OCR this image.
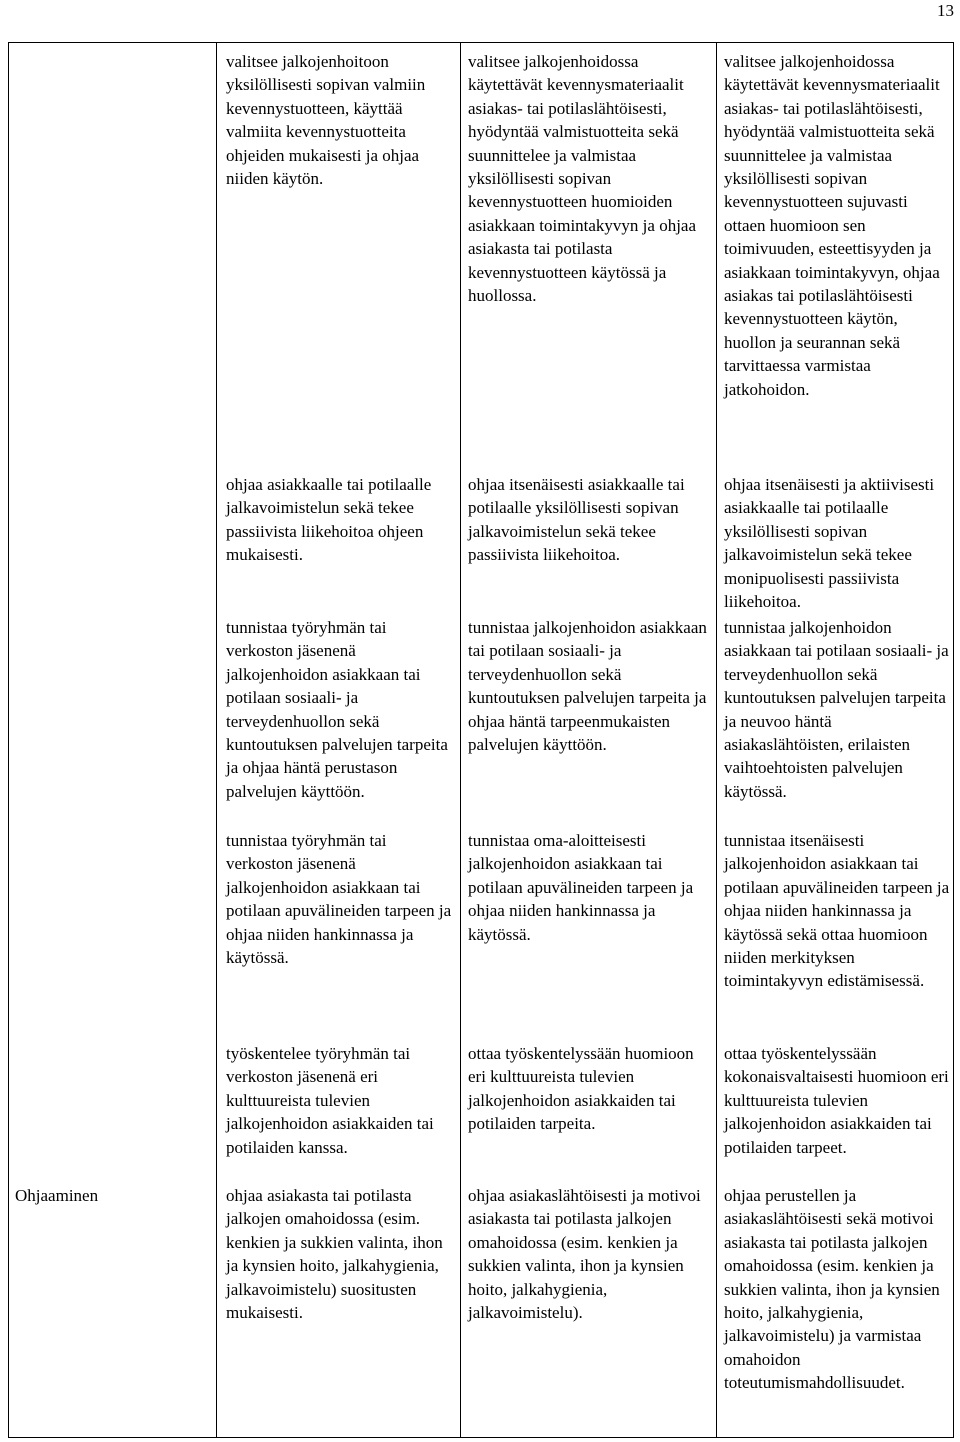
13
Ohjaaminen
valitsee jalkojenhoitoon yksilöllisesti sopivan valmiin kevennystuotteen, käyttää valmiita kevennystuotteita ohjeiden mukaisesti ja ohjaa niiden käytön.
ohjaa asiakkaalle tai potilaalle jalkavoimistelun sekä tekee passiivista liikehoitoa ohjeen mukaisesti.
tunnistaa työryhmän tai verkoston jäsenenä jalkojenhoidon asiakkaan tai potilaan sosiaali- ja terveydenhuollon sekä kuntoutuksen palvelujen tarpeita ja ohjaa häntä perustason palvelujen käyttöön.
tunnistaa työryhmän tai verkoston jäsenenä jalkojenhoidon asiakkaan tai potilaan apuvälineiden tarpeen ja ohjaa niiden hankinnassa ja käytössä.
työskentelee työryhmän tai verkoston jäsenenä eri kulttuureista tulevien jalkojenhoidon asiakkaiden tai potilaiden kanssa.
ohjaa asiakasta tai potilasta jalkojen omahoidossa (esim. kenkien ja sukkien valinta, ihon ja kynsien hoito, jalkahygienia, jalkavoimistelu) suositusten mukaisesti.
valitsee jalkojenhoidossa käytettävät kevennysmateriaalit asiakas- tai potilaslähtöisesti, hyödyntää valmistuotteita sekä suunnittelee ja valmistaa yksilöllisesti sopivan kevennystuotteen huomioiden asiakkaan toimintakyvyn ja ohjaa asiakasta tai potilasta kevennystuotteen käytössä ja huollossa.
ohjaa itsenäisesti asiakkaalle tai potilaalle yksilöllisesti sopivan jalkavoimistelun sekä tekee passiivista liikehoitoa.
tunnistaa jalkojenhoidon asiakkaan tai potilaan sosiaali- ja terveydenhuollon sekä kuntoutuksen palvelujen tarpeita ja ohjaa häntä tarpeenmukaisten palvelujen käyttöön.
tunnistaa oma-aloitteisesti jalkojenhoidon asiakkaan tai potilaan apuvälineiden tarpeen ja ohjaa niiden hankinnassa ja käytössä.
ottaa työskentelyssään huomioon eri kulttuureista tulevien jalkojenhoidon asiakkaiden tai potilaiden tarpeita.
ohjaa asiakaslähtöisesti ja motivoi asiakasta tai potilasta jalkojen omahoidossa (esim. kenkien ja sukkien valinta, ihon ja kynsien hoito, jalkahygienia, jalkavoimistelu).
valitsee jalkojenhoidossa käytettävät kevennysmateriaalit asiakas- tai potilaslähtöisesti, hyödyntää valmistuotteita sekä suunnittelee ja valmistaa yksilöllisesti sopivan kevennystuotteen sujuvasti ottaen huomioon sen toimivuuden, esteettisyyden ja asiakkaan toimintakyvyn, ohjaa asiakas tai potilaslähtöisesti kevennystuotteen käytön, huollon ja seurannan sekä tarvittaessa varmistaa jatkohoidon.
ohjaa itsenäisesti ja aktiivisesti asiakkaalle tai potilaalle yksilöllisesti sopivan jalkavoimistelun sekä tekee monipuolisesti passiivista liikehoitoa.
tunnistaa jalkojenhoidon asiakkaan tai potilaan sosiaali- ja terveydenhuollon sekä kuntoutuksen palvelujen tarpeita ja neuvoo häntä asiakaslähtöisten, erilaisten vaihtoehtoisten palvelujen käytössä.
tunnistaa itsenäisesti jalkojenhoidon asiakkaan tai potilaan apuvälineiden tarpeen ja ohjaa niiden hankinnassa ja käytössä sekä ottaa huomioon niiden merkityksen toimintakyvyn edistämisessä.
ottaa työskentelyssään kokonaisvaltaisesti huomioon eri kulttuureista tulevien jalkojenhoidon asiakkaiden tai potilaiden tarpeet.
ohjaa perustellen ja asiakaslähtöisesti sekä motivoi asiakasta tai potilasta jalkojen omahoidossa (esim. kenkien ja sukkien valinta, ihon ja kynsien hoito, jalkahygienia, jalkavoimistelu) ja varmistaa omahoidon toteutumismahdollisuudet.
